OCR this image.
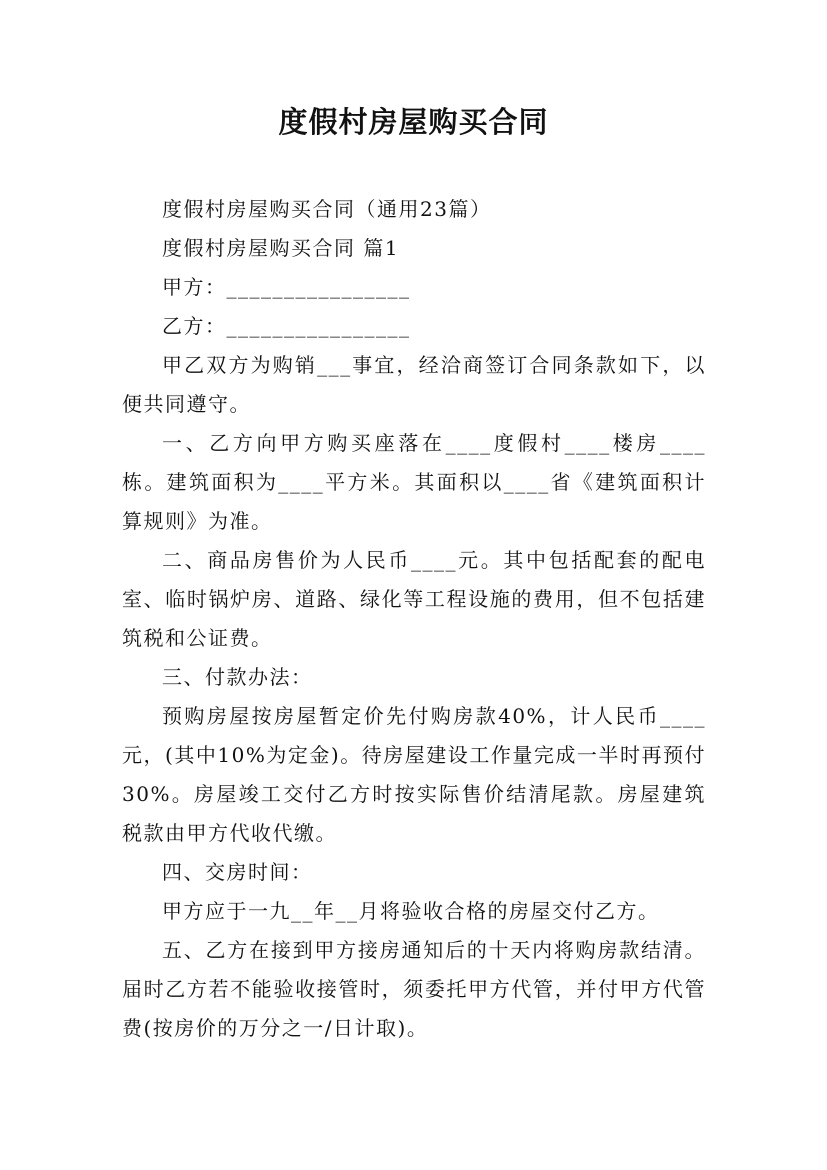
度假村房屋购买合同

度假村房屋购买合同（通用23篇）

度假村房屋购买合同 篇1

甲方：________________

乙方：________________

甲乙双方为购销___事宜，经洽商签订合同条款如下，以便共同遵守。

一、乙方向甲方购买座落在____度假村____楼房____栋。建筑面积为____平方米。其面积以____省《建筑面积计算规则》为准。

二、商品房售价为人民币____元。其中包括配套的配电室、临时锅炉房、道路、绿化等工程设施的费用，但不包括建筑税和公证费。

三、付款办法：

预购房屋按房屋暂定价先付购房款40%，计人民币____元，(其中10%为定金)。待房屋建设工作量完成一半时再预付30%。房屋竣工交付乙方时按实际售价结清尾款。房屋建筑税款由甲方代收代缴。

四、交房时间：

甲方应于一九__年__月将验收合格的房屋交付乙方。

五、乙方在接到甲方接房通知后的十天内将购房款结清。届时乙方若不能验收接管时，须委托甲方代管，并付甲方代管费(按房价的万分之一/日计取)。
